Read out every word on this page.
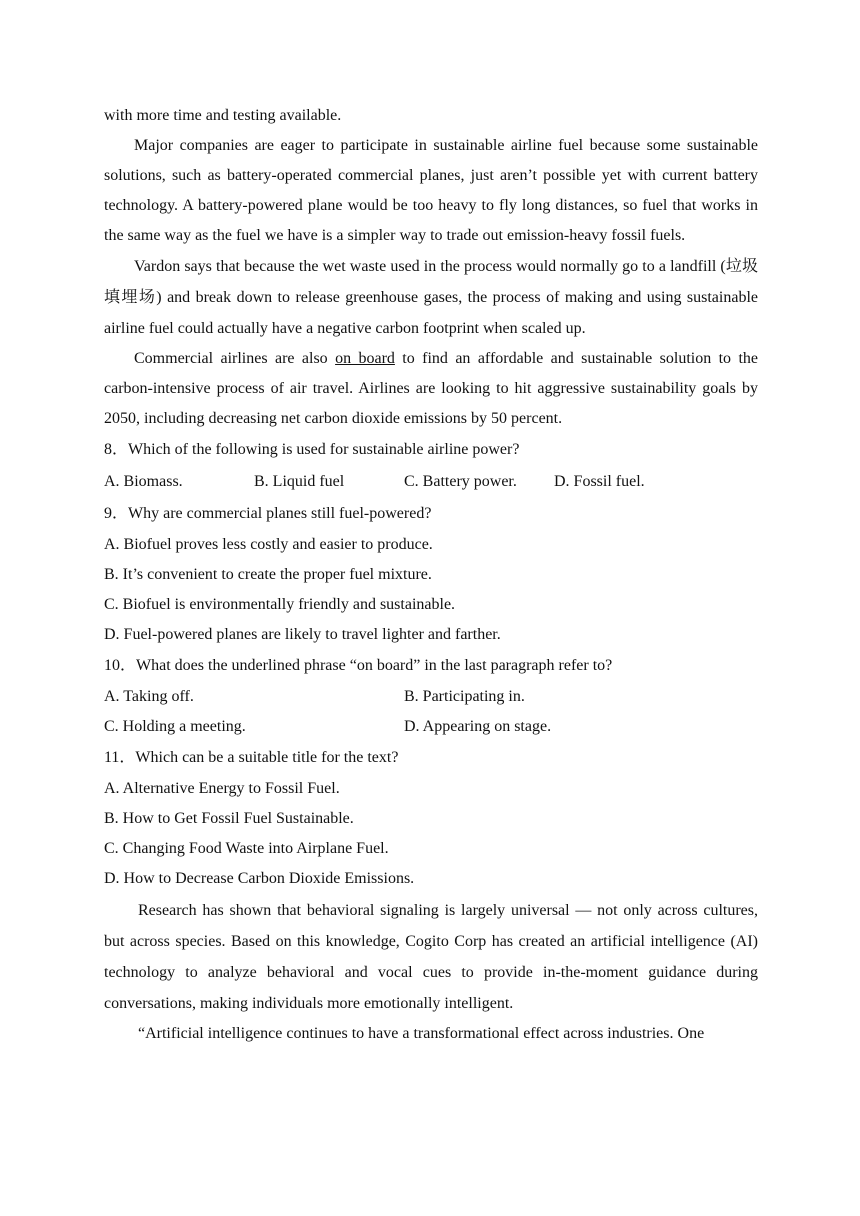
with more time and testing available.

Major companies are eager to participate in sustainable airline fuel because some sustainable solutions, such as battery-operated commercial planes, just aren’t possible yet with current battery technology. A battery-powered plane would be too heavy to fly long distances, so fuel that works in the same way as the fuel we have is a simpler way to trade out emission-heavy fossil fuels.

Vardon says that because the wet waste used in the process would normally go to a landfill (垃圾填埋场) and break down to release greenhouse gases, the process of making and using sustainable airline fuel could actually have a negative carbon footprint when scaled up.

Commercial airlines are also on board to find an affordable and sustainable solution to the carbon-intensive process of air travel. Airlines are looking to hit aggressive sustainability goals by 2050, including decreasing net carbon dioxide emissions by 50 percent.

8．Which of the following is used for sustainable airline power?

A. Biomass.	B. Liquid fuel	C. Battery power.	D. Fossil fuel.

9．Why are commercial planes still fuel-powered?

A. Biofuel proves less costly and easier to produce.

B. It’s convenient to create the proper fuel mixture.

C. Biofuel is environmentally friendly and sustainable.

D. Fuel-powered planes are likely to travel lighter and farther.

10．What does the underlined phrase “on board” in the last paragraph refer to?

A. Taking off.	B. Participating in.
C. Holding a meeting.	D. Appearing on stage.

11．Which can be a suitable title for the text?

A. Alternative Energy to Fossil Fuel.

B. How to Get Fossil Fuel Sustainable.

C. Changing Food Waste into Airplane Fuel.

D. How to Decrease Carbon Dioxide Emissions.

Research has shown that behavioral signaling is largely universal — not only across cultures, but across species. Based on this knowledge, Cogito Corp has created an artificial intelligence (AI) technology to analyze behavioral and vocal cues to provide in-the-moment guidance during conversations, making individuals more emotionally intelligent.

“Artificial intelligence continues to have a transformational effect across industries. One
